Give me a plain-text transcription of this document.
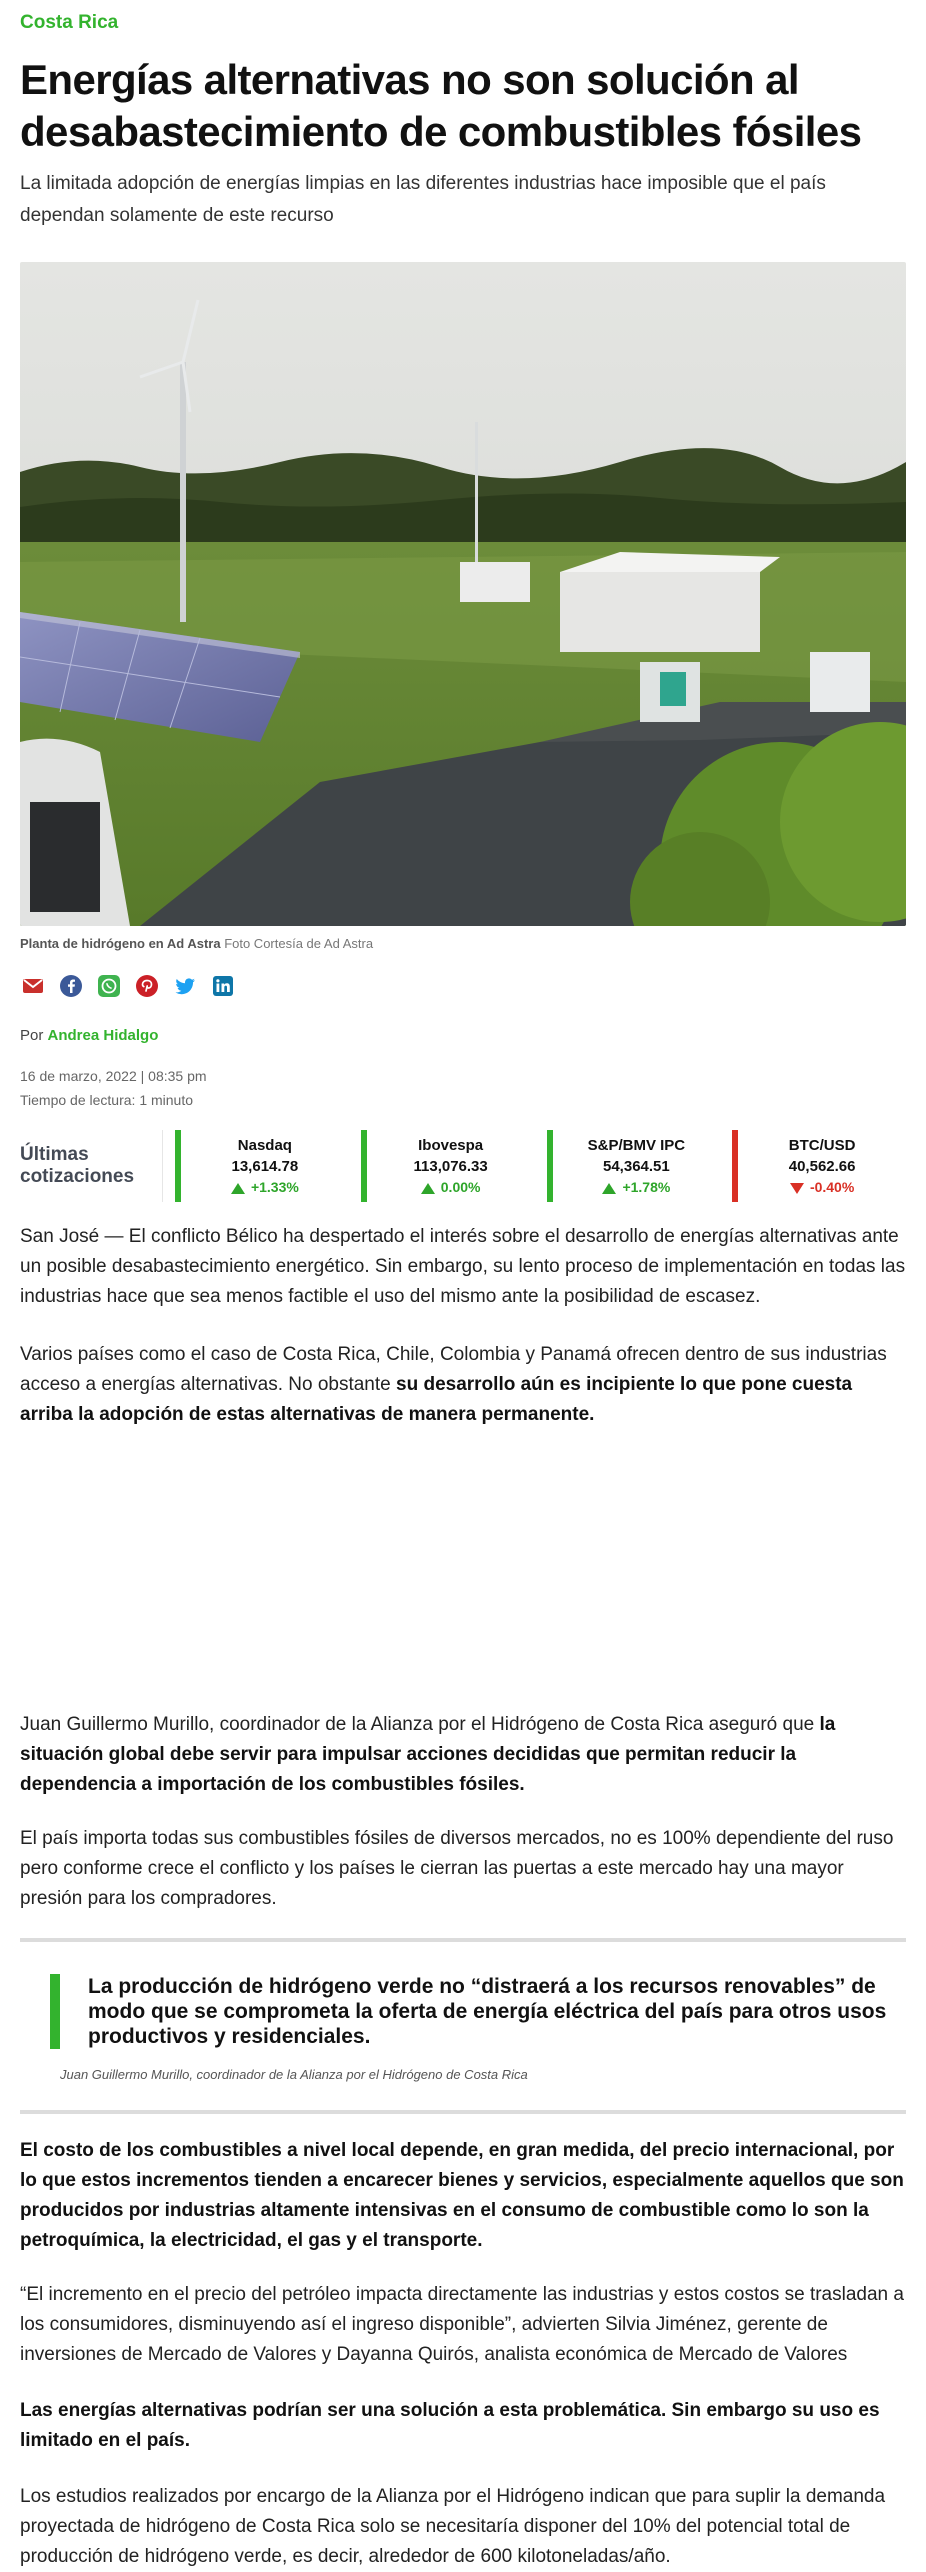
Costa Rica
Energías alternativas no son solución al desabastecimiento de combustibles fósiles

La limitada adopción de energías limpias en las diferentes industrias hace imposible que el país dependan solamente de este recurso

Planta de hidrógeno en Ad Astra Foto Cortesía de Ad Astra
Por Andrea Hidalgo
16 de marzo, 2022 | 08:35 pm
Tiempo de lectura: 1 minuto
Últimas
cotizaciones
Nasdaq
13,614.78
+1.33%
Ibovespa
113,076.33
0.00%
S&P/BMV IPC
54,364.51
+1.78%
BTC/USD
40,562.66
-0.40%

San José — El conflicto Bélico ha despertado el interés sobre el desarrollo de energías alternativas ante un posible desabastecimiento energético. Sin embargo, su lento proceso de implementación en todas las industrias hace que sea menos factible el uso del mismo ante la posibilidad de escasez.

Varios países como el caso de Costa Rica, Chile, Colombia y Panamá ofrecen dentro de sus industrias acceso a energías alternativas. No obstante su desarrollo aún es incipiente lo que pone cuesta arriba la adopción de estas alternativas de manera permanente.

Juan Guillermo Murillo, coordinador de la Alianza por el Hidrógeno de Costa Rica aseguró que la situación global debe servir para impulsar acciones decididas que permitan reducir la dependencia a importación de los combustibles fósiles.

El país importa todas sus combustibles fósiles de diversos mercados, no es 100% dependiente del ruso pero conforme crece el conflicto y los países le cierran las puertas a este mercado hay una mayor presión para los compradores.

La producción de hidrógeno verde no “distraerá a los recursos renovables” de modo que se comprometa la oferta de energía eléctrica del país para otros usos productivos y residenciales.
Juan Guillermo Murillo, coordinador de la Alianza por el Hidrógeno de Costa Rica

El costo de los combustibles a nivel local depende, en gran medida, del precio internacional, por lo que estos incrementos tienden a encarecer bienes y servicios, especialmente aquellos que son producidos por industrias altamente intensivas en el consumo de combustible como lo son la petroquímica, la electricidad, el gas y el transporte.

“El incremento en el precio del petróleo impacta directamente las industrias y estos costos se trasladan a los consumidores, disminuyendo así el ingreso disponible”, advierten Silvia Jiménez, gerente de inversiones de Mercado de Valores y Dayanna Quirós, analista económica de Mercado de Valores

Las energías alternativas podrían ser una solución a esta problemática. Sin embargo su uso es limitado en el país.

Los estudios realizados por encargo de la Alianza por el Hidrógeno indican que para suplir la demanda proyectada de hidrógeno de Costa Rica solo se necesitaría disponer del 10% del potencial total de producción de hidrógeno verde, es decir, alrededor de 600 kilotoneladas/año.
